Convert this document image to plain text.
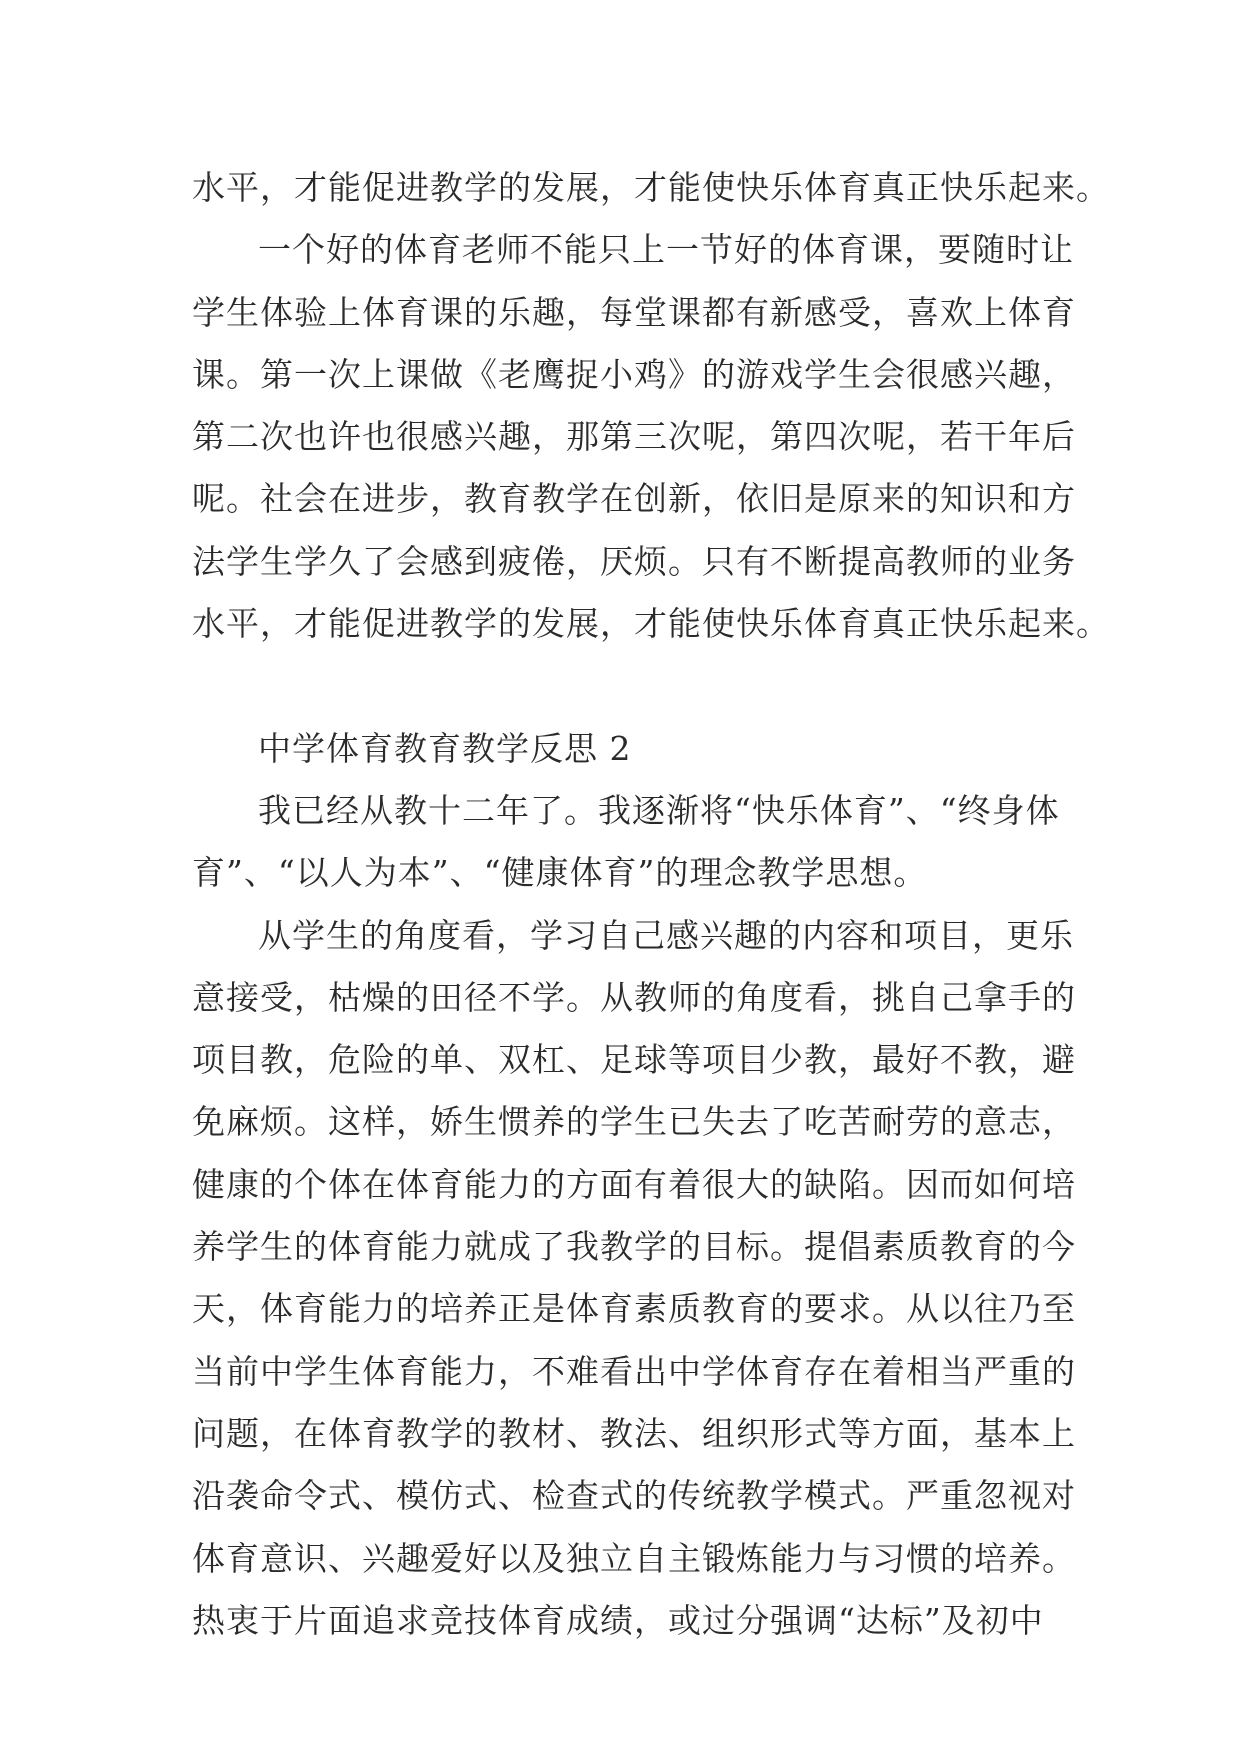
水平，才能促进教学的发展，才能使快乐体育真正快乐起来。
一个好的体育老师不能只上一节好的体育课，要随时让
学生体验上体育课的乐趣，每堂课都有新感受，喜欢上体育
课。第一次上课做《老鹰捉小鸡》的游戏学生会很感兴趣，
第二次也许也很感兴趣，那第三次呢，第四次呢，若干年后
呢。社会在进步，教育教学在创新，依旧是原来的知识和方
法学生学久了会感到疲倦，厌烦。只有不断提高教师的业务
水平，才能促进教学的发展，才能使快乐体育真正快乐起来。
中学体育教育教学反思 2
我已经从教十二年了。我逐渐将“快乐体育”、“终身体
育”、“以人为本”、“健康体育”的理念教学思想。
从学生的角度看，学习自己感兴趣的内容和项目，更乐
意接受，枯燥的田径不学。从教师的角度看，挑自己拿手的
项目教，危险的单、双杠、足球等项目少教，最好不教，避
免麻烦。这样，娇生惯养的学生已失去了吃苦耐劳的意志，
健康的个体在体育能力的方面有着很大的缺陷。因而如何培
养学生的体育能力就成了我教学的目标。提倡素质教育的今
天，体育能力的培养正是体育素质教育的要求。从以往乃至
当前中学生体育能力，不难看出中学体育存在着相当严重的
问题，在体育教学的教材、教法、组织形式等方面，基本上
沿袭命令式、模仿式、检查式的传统教学模式。严重忽视对
体育意识、兴趣爱好以及独立自主锻炼能力与习惯的培养。
热衷于片面追求竞技体育成绩，或过分强调“达标”及初中
